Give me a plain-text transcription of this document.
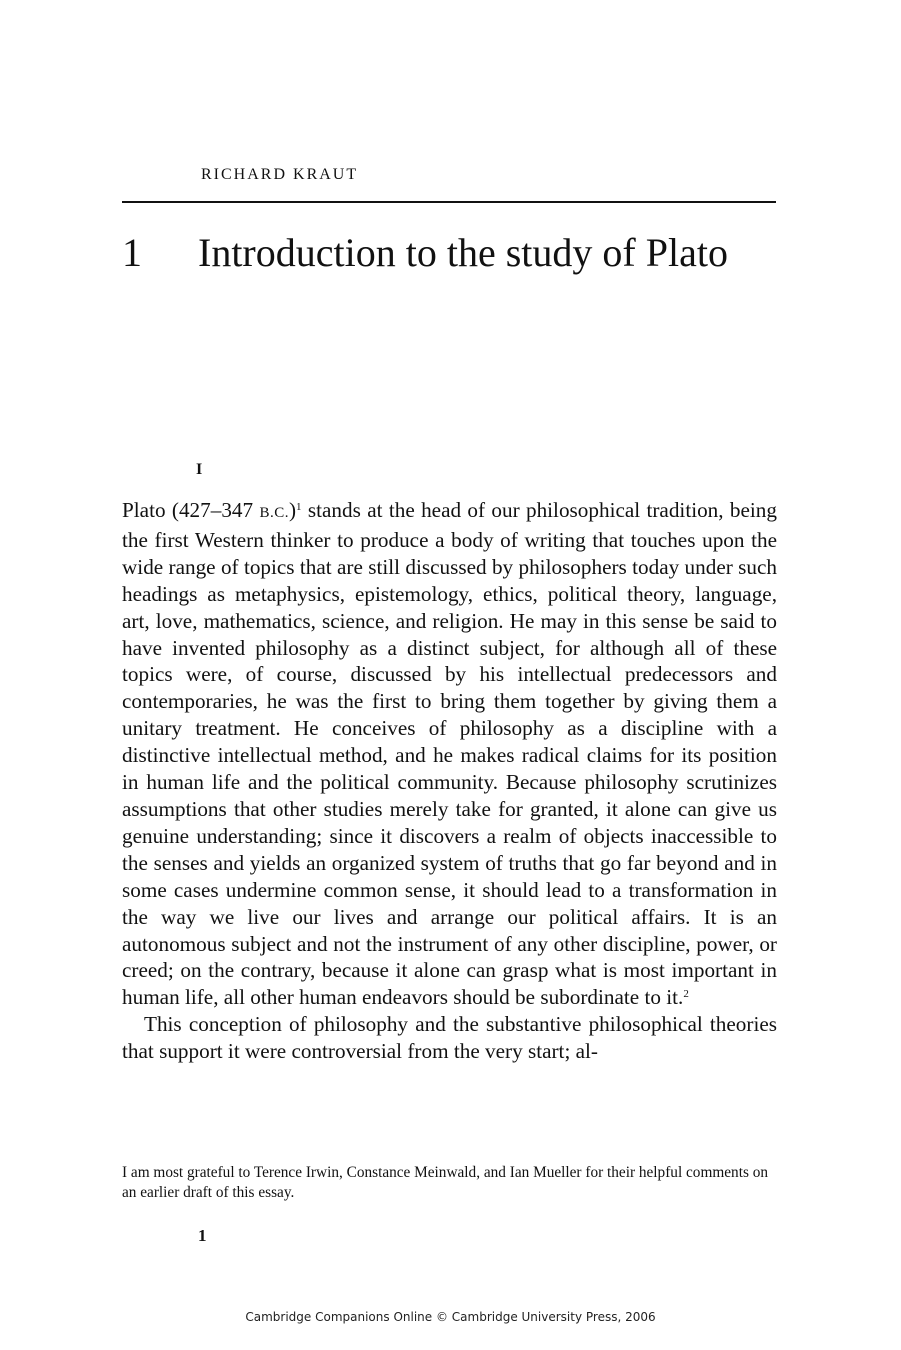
RICHARD KRAUT
1 Introduction to the study of Plato
I

Plato (427–347 B.C.)$^1$ stands at the head of our philosophical tradition, being the first Western thinker to produce a body of writing that touches upon the wide range of topics that are still discussed by philosophers today under such headings as metaphysics, epistemology, ethics, political theory, language, art, love, mathematics, science, and religion. He may in this sense be said to have invented philosophy as a distinct subject, for although all of these topics were, of course, discussed by his intellectual predecessors and contemporaries, he was the first to bring them together by giving them a unitary treatment. He conceives of philosophy as a discipline with a distinctive intellectual method, and he makes radical claims for its position in human life and the political community. Because philosophy scrutinizes assumptions that other studies merely take for granted, it alone can give us genuine understanding; since it discovers a realm of objects inaccessible to the senses and yields an organized system of truths that go far beyond and in some cases undermine common sense, it should lead to a transformation in the way we live our lives and arrange our political affairs. It is an autonomous subject and not the instrument of any other discipline, power, or creed; on the contrary, because it alone can grasp what is most important in human life, all other human endeavors should be subordinate to it.$^2$

This conception of philosophy and the substantive philosophical theories that support it were controversial from the very start; al-

I am most grateful to Terence Irwin, Constance Meinwald, and Ian Mueller for their helpful comments on an earlier draft of this essay.
1
Cambridge Companions Online © Cambridge University Press, 2006
